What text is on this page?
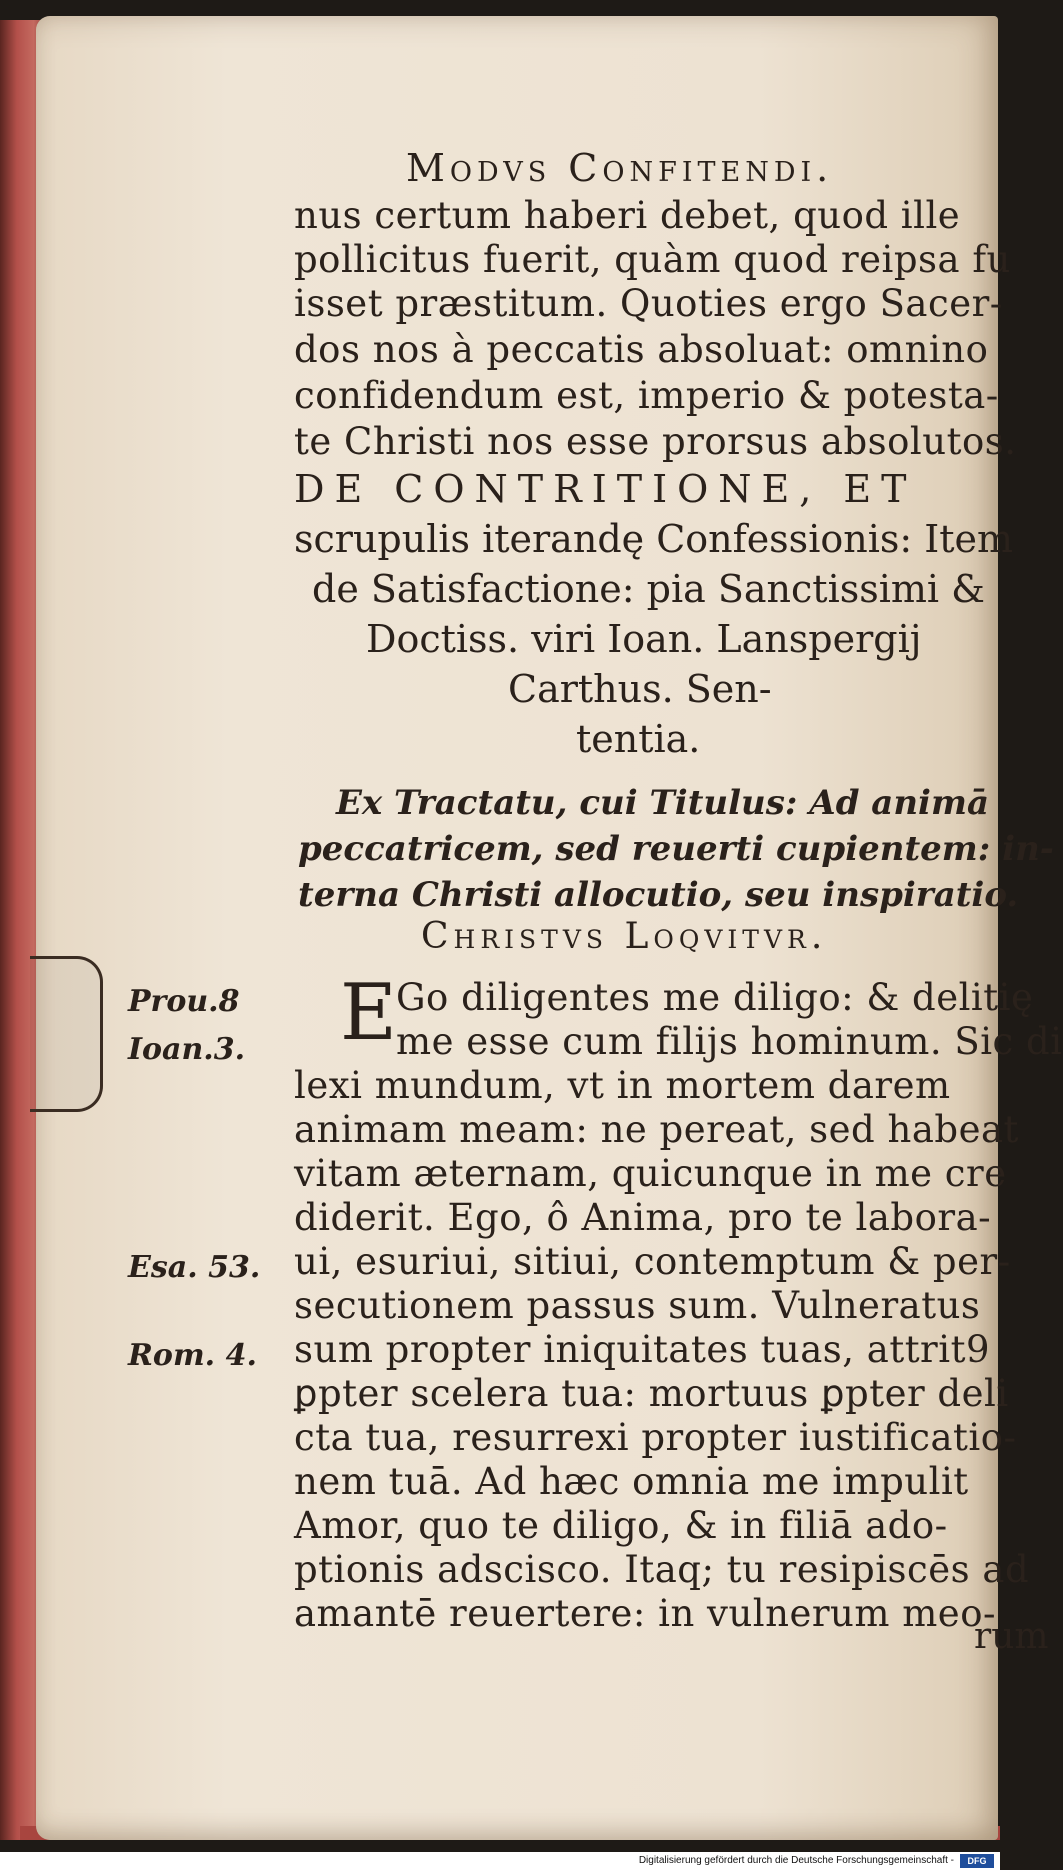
Modvs Confitendi.
nus certum haberi debet, quod ille
pollicitus fuerit, quàm quod reipsa fu
isset præstitum. Quoties ergo Sacer-
dos nos à peccatis absoluat: omnino
confidendum est, imperio & potesta-
te Christi nos esse prorsus absolutos.
DE CONTRITIONE, ET
scrupulis iterandę Confessionis: Item
de Satisfactione: pia Sanctissimi &
Doctiss. viri Ioan. Lanspergij
Carthus. Sen-
tentia.
Ex Tractatu, cui Titulus: Ad animā
peccatricem, sed reuerti cupientem: in-
terna Christi allocutio, seu inspiratio.
Christvs Loqvitvr.
E Go diligentes me diligo: & delitię
me esse cum filijs hominum. Sic di
lexi mundum, vt in mortem darem
animam meam: ne pereat, sed habeat
vitam æternam, quicunque in me cre
diderit. Ego, ô Anima, pro te labora-
ui, esuriui, sitiui, contemptum & per-
secutionem passus sum. Vulneratus
sum propter iniquitates tuas, attrit9
ꝑpter scelera tua: mortuus ꝑpter deli
cta tua, resurrexi propter iustificatio-
nem tuā. Ad hæc omnia me impulit
Amor, quo te diligo, & in filiā ado-
ptionis adscisco. Itaq; tu resipiscēs ad
amantē reuertere: in vulnerum meo-
rum
Prou.8
Ioan.3.
Esa. 53.
Rom. 4.
Digitalisierung gefördert durch die Deutsche Forschungsgemeinschaft -	DFG
